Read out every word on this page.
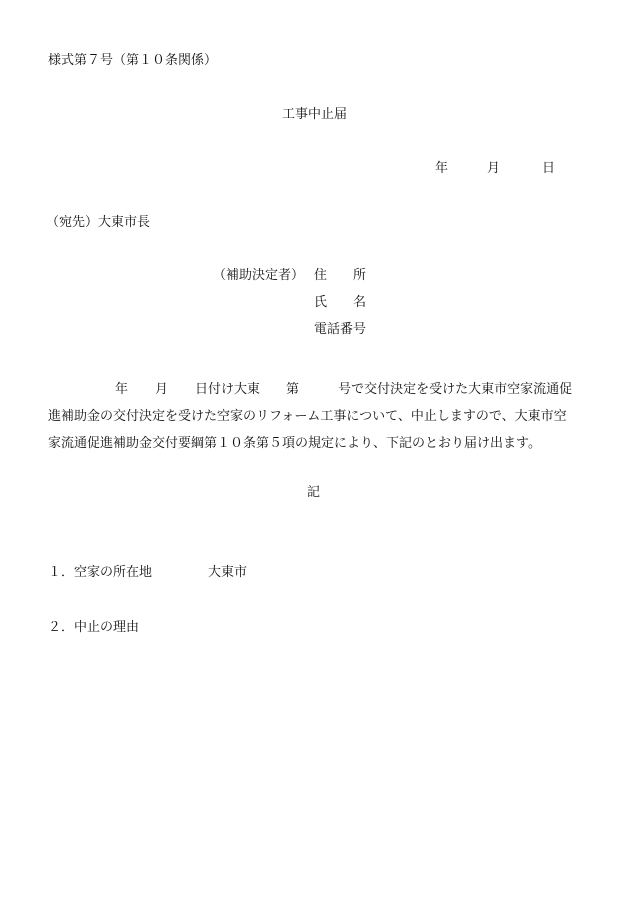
様式第７号（第１０条関係）
工事中止届
年	月	日
（宛先）大東市長
（補助決定者） 住　　所
氏　　名
電話番号
年 月 日付け大東 第	号で交付決定を受けた大東市空家流通促
進補助金の交付決定を受けた空家のリフォーム工事について、中止しますので、大東市空
家流通促進補助金交付要綱第１０条第５項の規定により、下記のとおり届け出ます。
記
１．空家の所在地	大東市
２．中止の理由
